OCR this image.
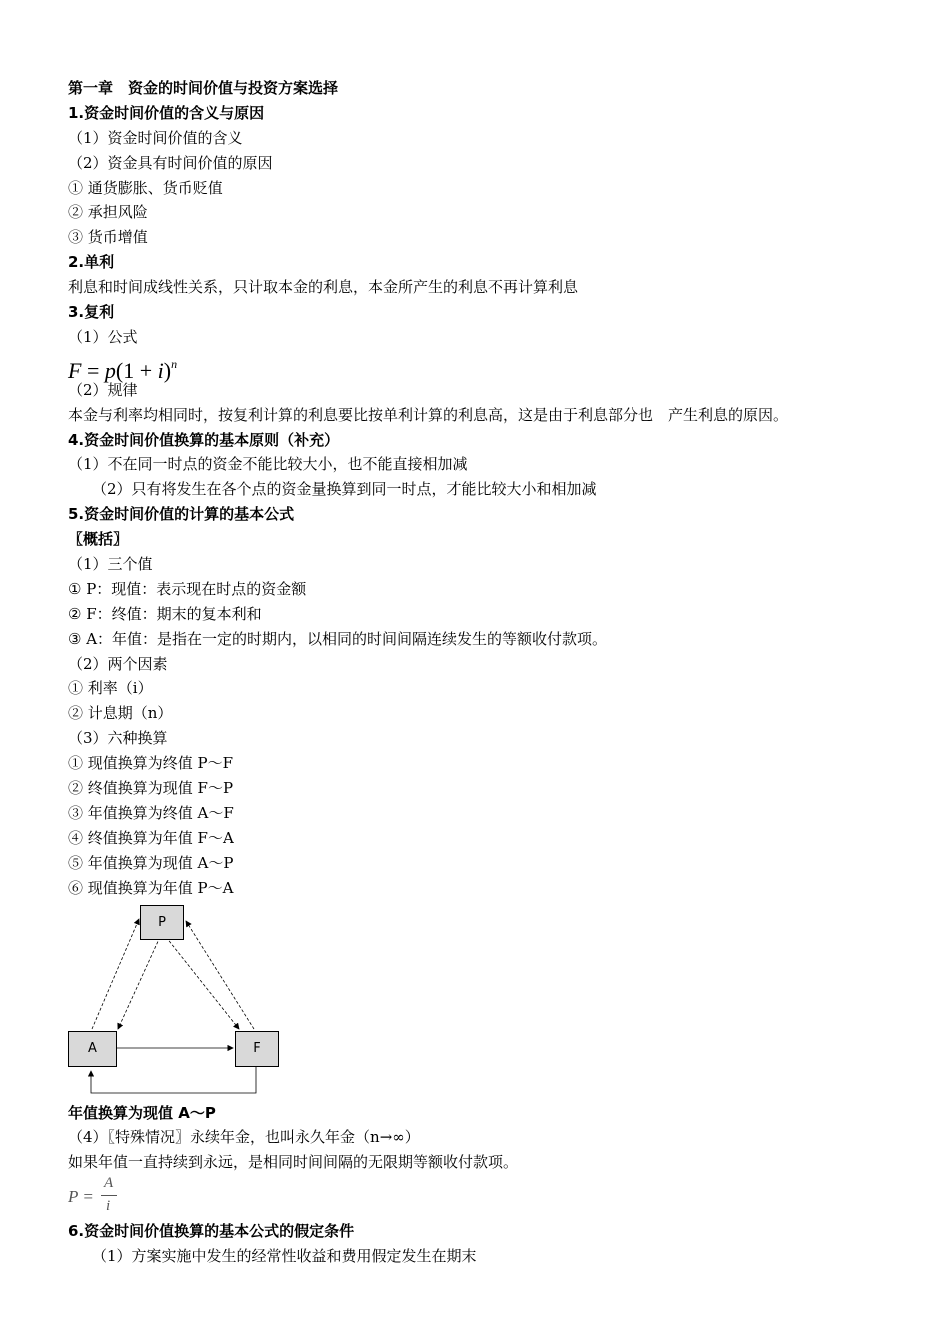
第一章　资金的时间价值与投资方案选择
1.资金时间价值的含义与原因
（1）资金时间价值的含义
（2）资金具有时间价值的原因
① 通货膨胀、货币贬值
② 承担风险
③ 货币增值
2.单利
利息和时间成线性关系，只计取本金的利息，本金所产生的利息不再计算利息
3.复利
（1）公式
$F = p(1 + i)^n$
（2）规律
本金与利率均相同时，按复利计算的利息要比按单利计算的利息高，这是由于利息部分也　产生利息的原因。
4.资金时间价值换算的基本原则（补充）
（1）不在同一时点的资金不能比较大小，也不能直接相加减
（2）只有将发生在各个点的资金量换算到同一时点，才能比较大小和相加减
5.资金时间价值的计算的基本公式
〖概括〗
（1）三个值
① P：现值：表示现在时点的资金额
② F：终值：期末的复本利和
③ A：年值：是指在一定的时期内，以相同的时间间隔连续发生的等额收付款项。
（2）两个因素
① 利率（i）
② 计息期（n）
（3）六种换算
① 现值换算为终值 P～F
② 终值换算为现值 F～P
③ 年值换算为终值 A～F
④ 终值换算为年值 F～A
⑤ 年值换算为现值 A～P
⑥ 现值换算为年值 P～A
P
A	F
年值换算为现值 A～P
（4）〖特殊情况〗永续年金，也叫永久年金（n→∞）
如果年值一直持续到永远，是相同时间间隔的无限期等额收付款项。
P =
A
i
6.资金时间价值换算的基本公式的假定条件
（1）方案实施中发生的经常性收益和费用假定发生在期末
